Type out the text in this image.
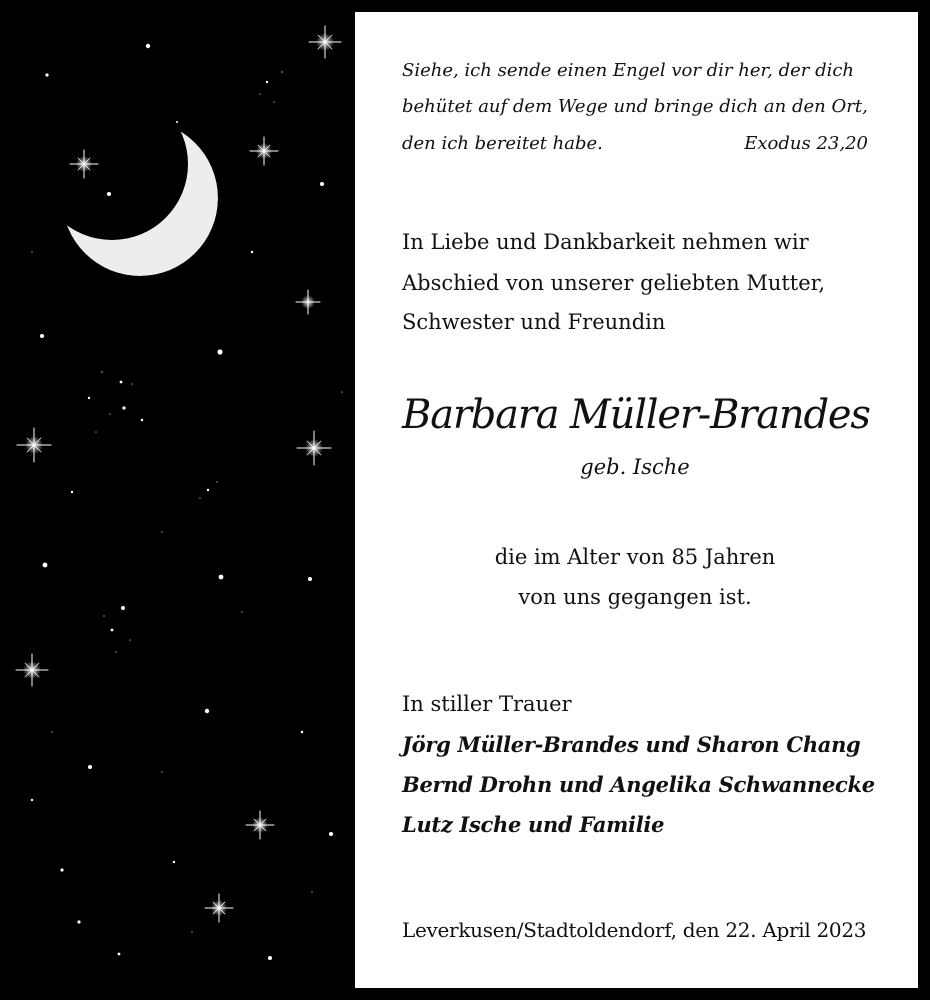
Siehe, ich sende einen Engel vor dir her, der dich
behütet auf dem Wege und bringe dich an den Ort,
den ich bereitet habe.	Exodus 23,20
In Liebe und Dankbarkeit nehmen wir
Abschied von unserer geliebten Mutter,
Schwester und Freundin
Barbara Müller-Brandes
geb. Ische
die im Alter von 85 Jahren
von uns gegangen ist.
In stiller Trauer
Jörg Müller-Brandes und Sharon Chang
Bernd Drohn und Angelika Schwannecke
Lutz Ische und Familie
Leverkusen/Stadtoldendorf, den 22. April 2023
